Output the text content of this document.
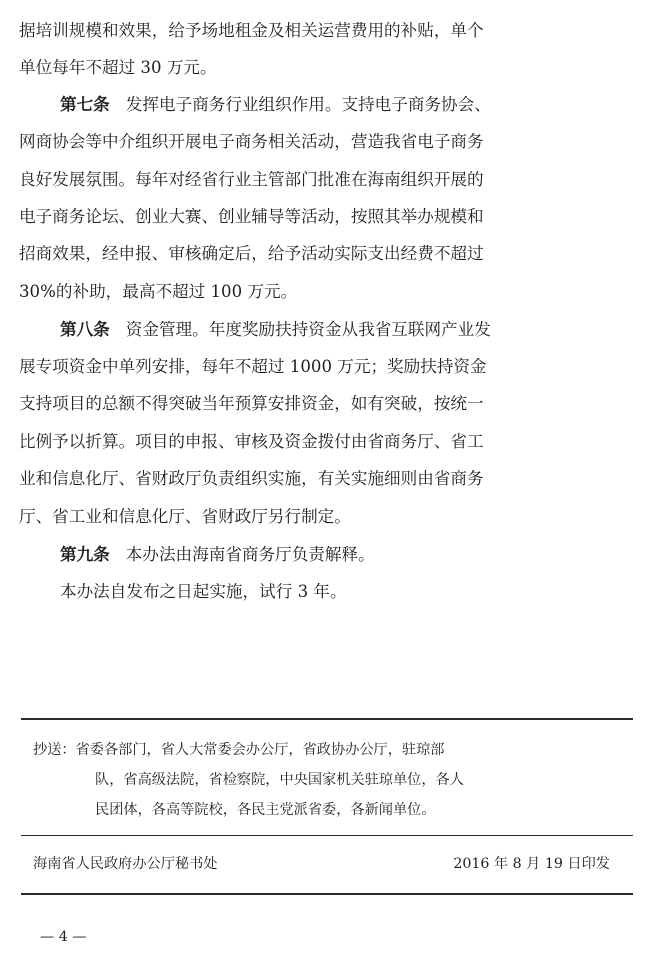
据培训规模和效果，给予场地租金及相关运营费用的补贴，单个
单位每年不超过 30 万元。
第七条 发挥电子商务行业组织作用。支持电子商务协会、
网商协会等中介组织开展电子商务相关活动，营造我省电子商务
良好发展氛围。每年对经省行业主管部门批准在海南组织开展的
电子商务论坛、创业大赛、创业辅导等活动，按照其举办规模和
招商效果，经申报、审核确定后，给予活动实际支出经费不超过
30%的补助，最高不超过 100 万元。
第八条 资金管理。年度奖励扶持资金从我省互联网产业发
展专项资金中单列安排，每年不超过 1000 万元；奖励扶持资金
支持项目的总额不得突破当年预算安排资金，如有突破，按统一
比例予以折算。项目的申报、审核及资金拨付由省商务厅、省工
业和信息化厅、省财政厅负责组织实施，有关实施细则由省商务
厅、省工业和信息化厅、省财政厅另行制定。
第九条 本办法由海南省商务厅负责解释。
本办法自发布之日起实施，试行 3 年。
抄送：省委各部门，省人大常委会办公厅，省政协办公厅，驻琼部
队，省高级法院，省检察院，中央国家机关驻琼单位，各人
民团体，各高等院校，各民主党派省委，各新闻单位。
海南省人民政府办公厅秘书处	2016 年 8 月 19 日印发
— 4 —
